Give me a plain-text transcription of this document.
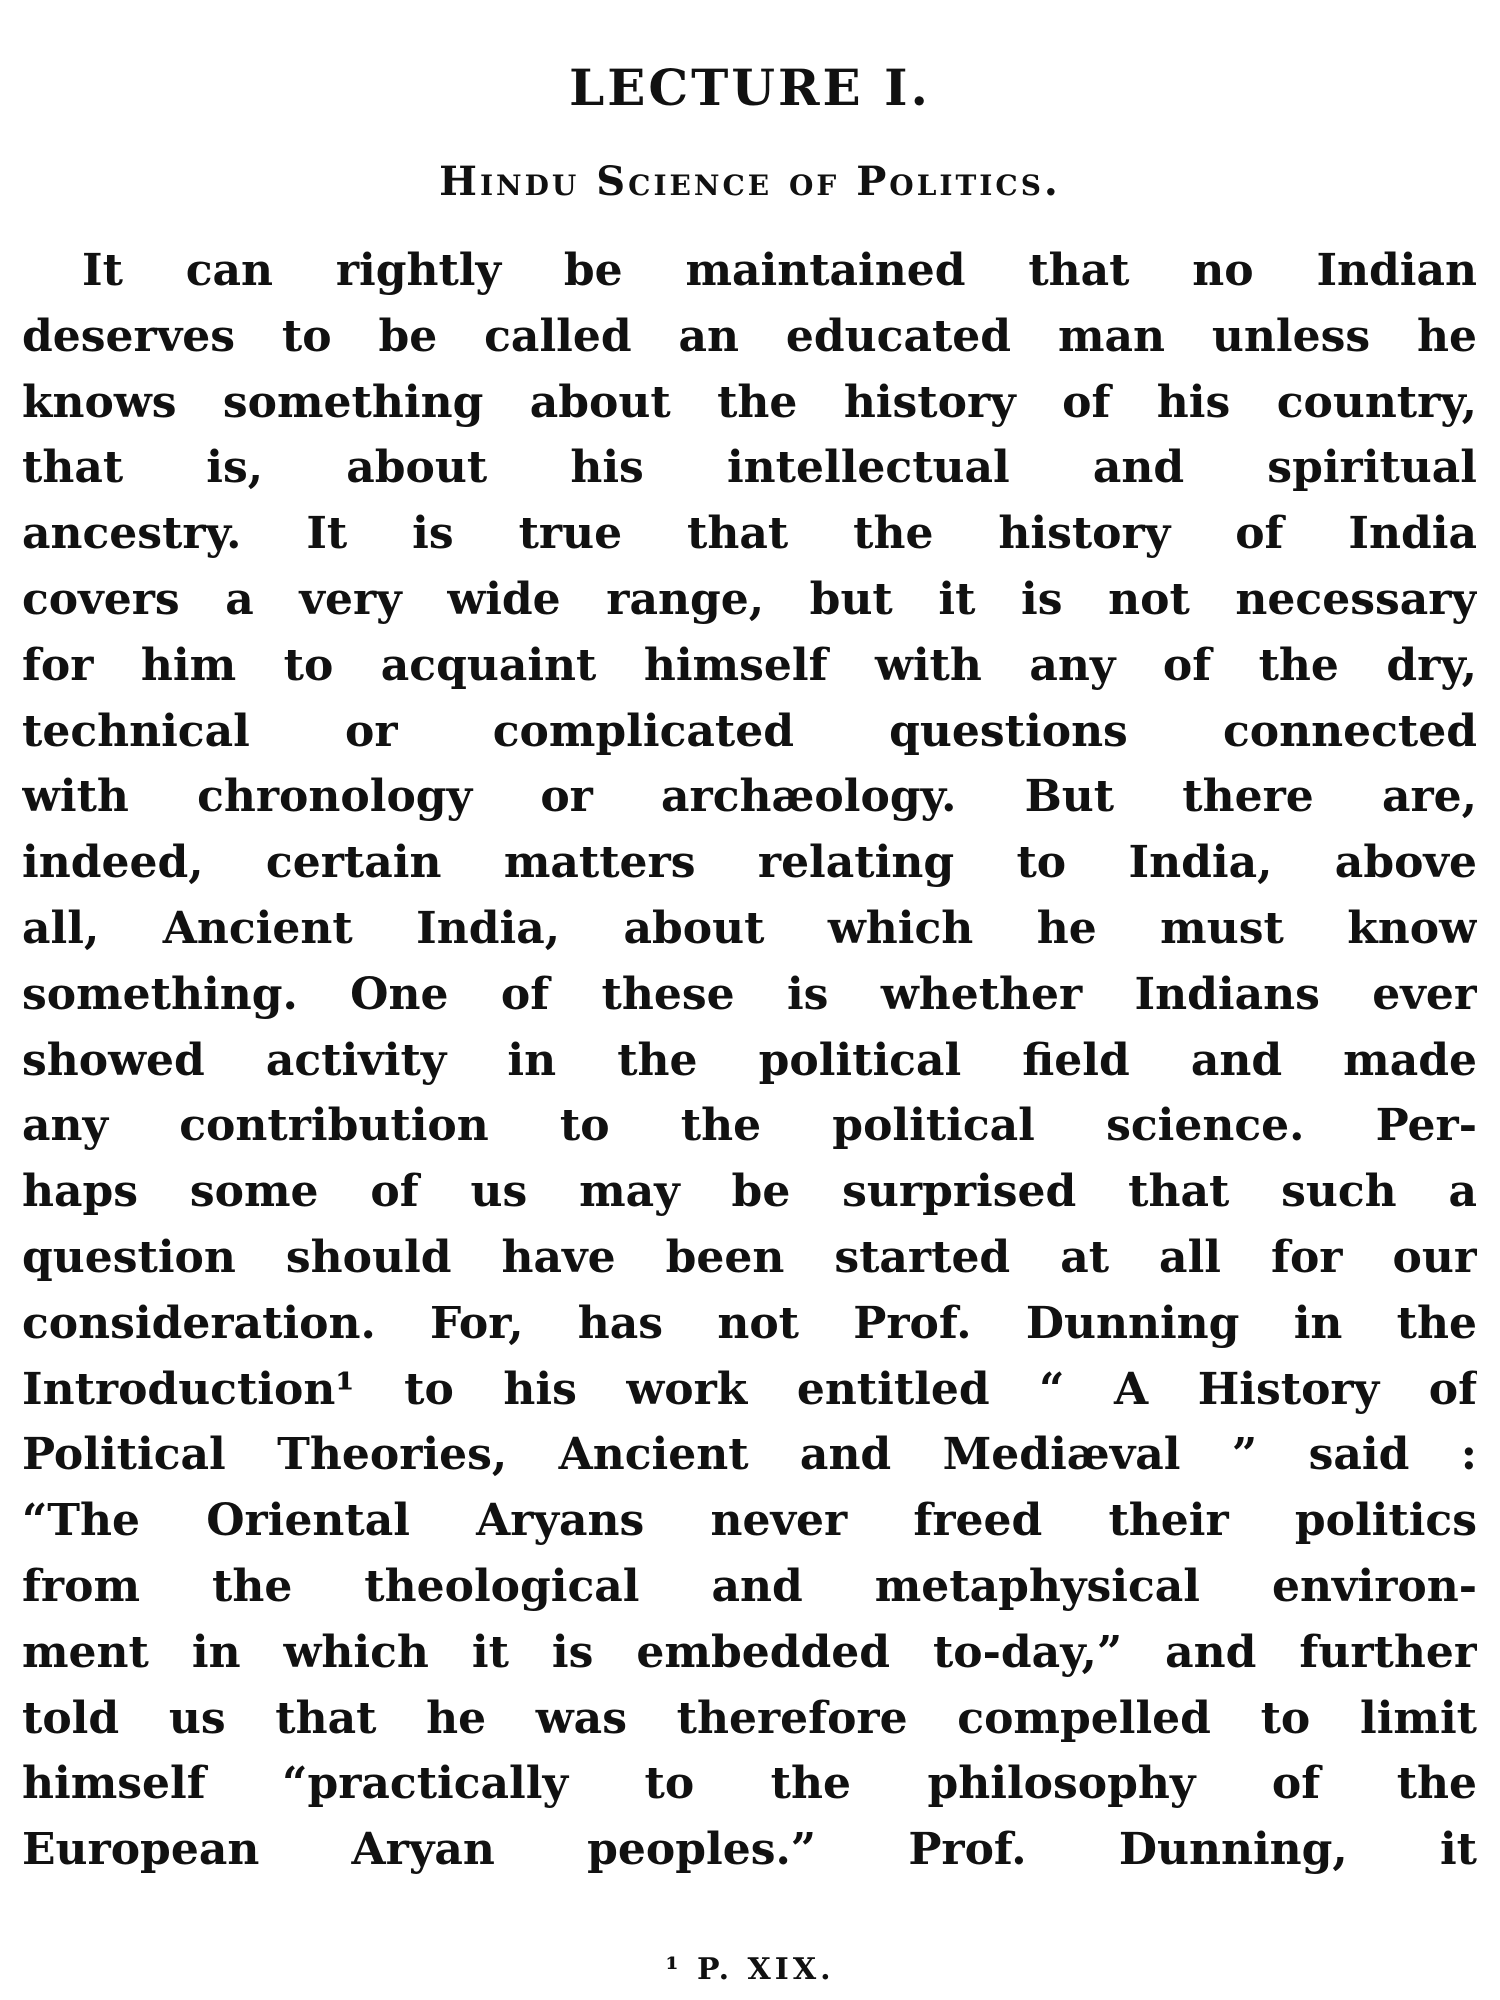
LECTURE I.
Hindu Science of Politics.
It can rightly be maintained that no Indian
deserves to be called an educated man unless he
knows something about the history of his country,
that is, about his intellectual and spiritual
ancestry. It is true that the history of India
covers a very wide range, but it is not necessary
for him to acquaint himself with any of the dry,
technical or complicated questions connected
with chronology or archæology. But there are,
indeed, certain matters relating to India, above
all, Ancient India, about which he must know
something. One of these is whether Indians ever
showed activity in the political field and made
any contribution to the political science. Per-
haps some of us may be surprised that such a
question should have been started at all for our
consideration. For, has not Prof. Dunning in the
Introduction¹ to his work entitled “ A History of
Political Theories, Ancient and Mediæval ” said :
“The Oriental Aryans never freed their politics
from the theological and metaphysical environ-
ment in which it is embedded to-day,” and further
told us that he was therefore compelled to limit
himself “practically to the philosophy of the
European Aryan peoples.” Prof. Dunning, it
¹ P. XIX.
